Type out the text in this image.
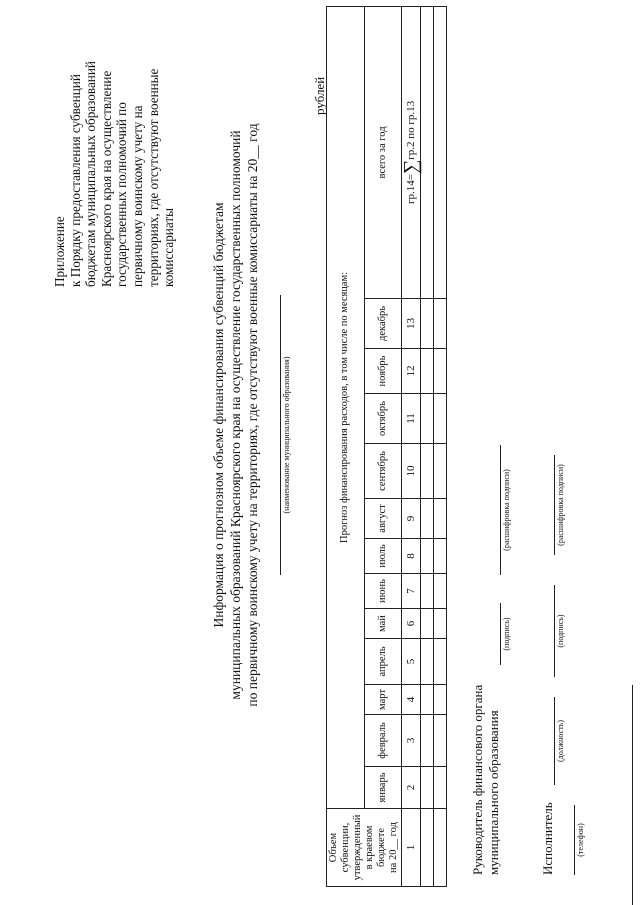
Приложение к Порядку предоставления субвенций бюджетам муниципальных образований Красноярского края на осуществление государственных полномочий по первичному воинскому учету на территориях, где отсутствуют военные комиссариаты	Информация о прогнозном объеме финансирования субвенций бюджетам муниципальных образований Красноярского края на осуществление государственных полномочий по первичному воинскому учету на территориях, где отсутствуют военные комиссариаты на 20__ год	(наименование муниципального образования)
рублей
Объем субвенции, утвержденный в краевом бюджете на 20__ год	Прогноз финансирования расходов, в том числе по месяцам:												
	январь	февраль	март	апрель	май	июнь	июль	август	сентябрь	октябрь	ноябрь	декабрь	всего за год
1	2	3	4	5	6	7	8	9	10	11	12	13	гр.14=∑гр.2 по гр.13

Руководитель финансового органа муниципального образования
(подпись)
(расшифровка подписи)
Исполнитель
(должность)
(подпись)
(расшифровка подписи)
(телефон)
